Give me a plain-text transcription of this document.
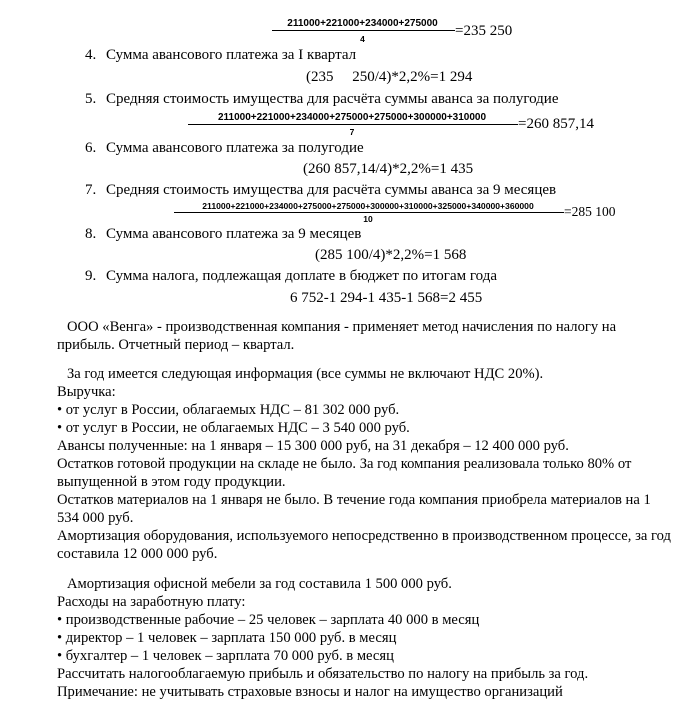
211000+221000+234000+275000
4	=235 250
4. Сумма авансового платежа за I квартал
(235     250/4)*2,2%=1 294
5. Средняя стоимость имущества для расчёта суммы аванса за полугодие
211000+221000+234000+275000+275000+300000+310000
7	=260 857,14
6. Сумма авансового платежа за полугодие
(260 857,14/4)*2,2%=1 435
7. Средняя стоимость имущества для расчёта суммы аванса за 9 месяцев
211000+221000+234000+275000+275000+300000+310000+325000+340000+360000
10	=285 100
8. Сумма авансового платежа за 9 месяцев
(285 100/4)*2,2%=1 568
9. Сумма налога, подлежащая доплате в бюджет по итогам года
6 752-1 294-1 435-1 568=2 455
ООО «Венга» - производственная компания - применяет метод начисления по налогу на
прибыль. Отчетный период – квартал.
За год имеется следующая информация (все суммы не включают НДС 20%).
Выручка:
• от услуг в России, облагаемых НДС – 81 302 000 руб.
• от услуг в России, не облагаемых НДС – 3 540 000 руб.
Авансы полученные: на 1 января – 15 300 000 руб, на 31 декабря – 12 400 000 руб.
Остатков готовой продукции на складе не было. За год компания реализовала только 80% от
выпущенной в этом году продукции.
Остатков материалов на 1 января не было. В течение года компания приобрела материалов на 1
534 000 руб.
Амортизация оборудования, используемого непосредственно в производственном процессе, за год
составила 12 000 000 руб.
Амортизация офисной мебели за год составила 1 500 000 руб.
Расходы на заработную плату:
• производственные рабочие – 25 человек – зарплата 40 000 в месяц
• директор – 1 человек – зарплата 150 000 руб. в месяц
• бухгалтер – 1 человек – зарплата 70 000 руб. в месяц
Рассчитать налогооблагаемую прибыль и обязательство по налогу на прибыль за год.
Примечание: не учитывать страховые взносы и налог на имущество организаций
